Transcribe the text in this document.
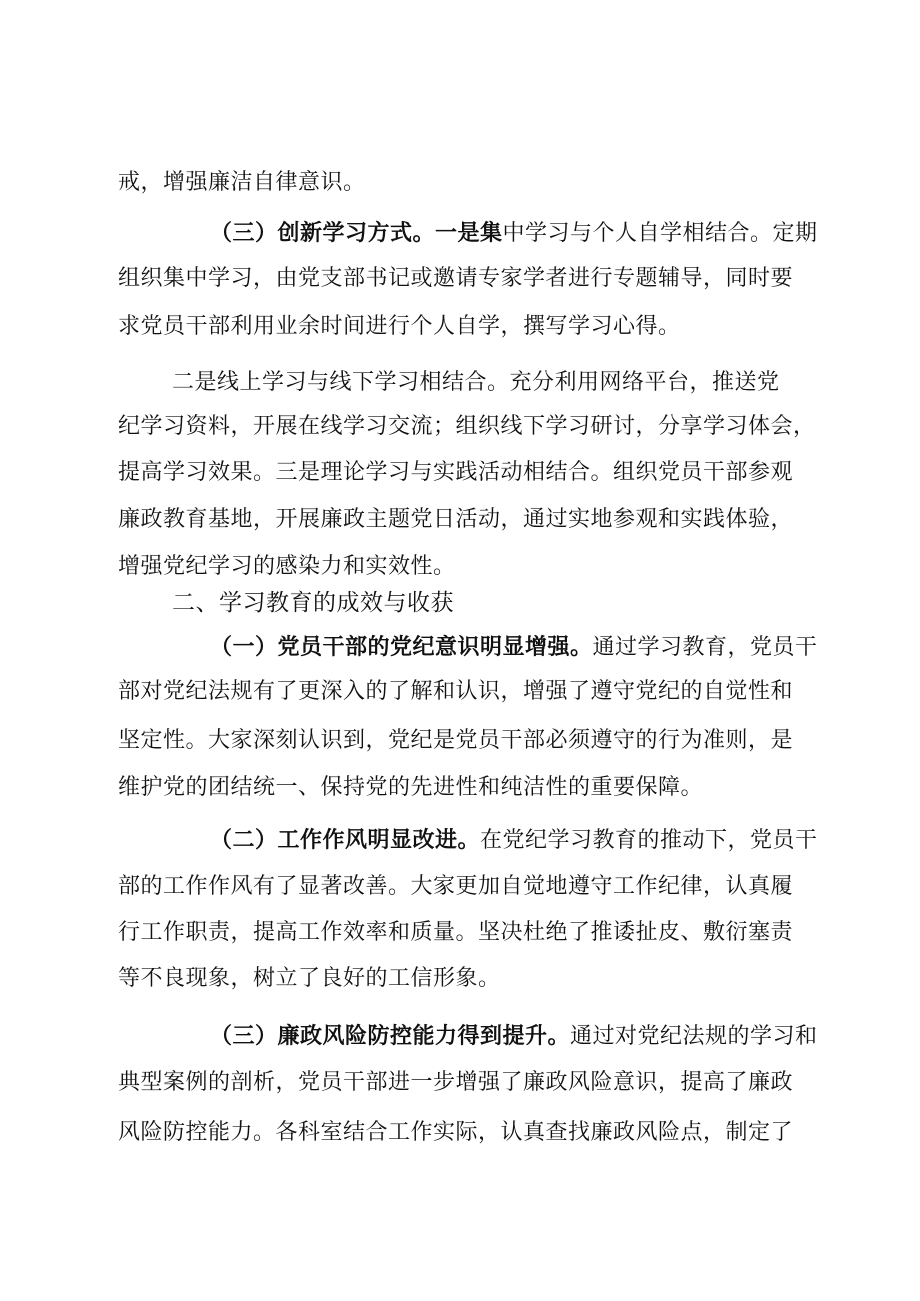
戒，增强廉洁自律意识。
（三）创新学习方式。一是集中学习与个人自学相结合。定期
组织集中学习，由党支部书记或邀请专家学者进行专题辅导，同时要
求党员干部利用业余时间进行个人自学，撰写学习心得。
二是线上学习与线下学习相结合。充分利用网络平台，推送党
纪学习资料，开展在线学习交流；组织线下学习研讨，分享学习体会，
提高学习效果。三是理论学习与实践活动相结合。组织党员干部参观
廉政教育基地，开展廉政主题党日活动，通过实地参观和实践体验，
增强党纪学习的感染力和实效性。
二、学习教育的成效与收获
（一）党员干部的党纪意识明显增强。通过学习教育，党员干
部对党纪法规有了更深入的了解和认识，增强了遵守党纪的自觉性和
坚定性。大家深刻认识到，党纪是党员干部必须遵守的行为准则，是
维护党的团结统一、保持党的先进性和纯洁性的重要保障。
（二）工作作风明显改进。在党纪学习教育的推动下，党员干
部的工作作风有了显著改善。大家更加自觉地遵守工作纪律，认真履
行工作职责，提高工作效率和质量。坚决杜绝了推诿扯皮、敷衍塞责
等不良现象，树立了良好的工信形象。
（三）廉政风险防控能力得到提升。通过对党纪法规的学习和
典型案例的剖析，党员干部进一步增强了廉政风险意识，提高了廉政
风险防控能力。各科室结合工作实际，认真查找廉政风险点，制定了
